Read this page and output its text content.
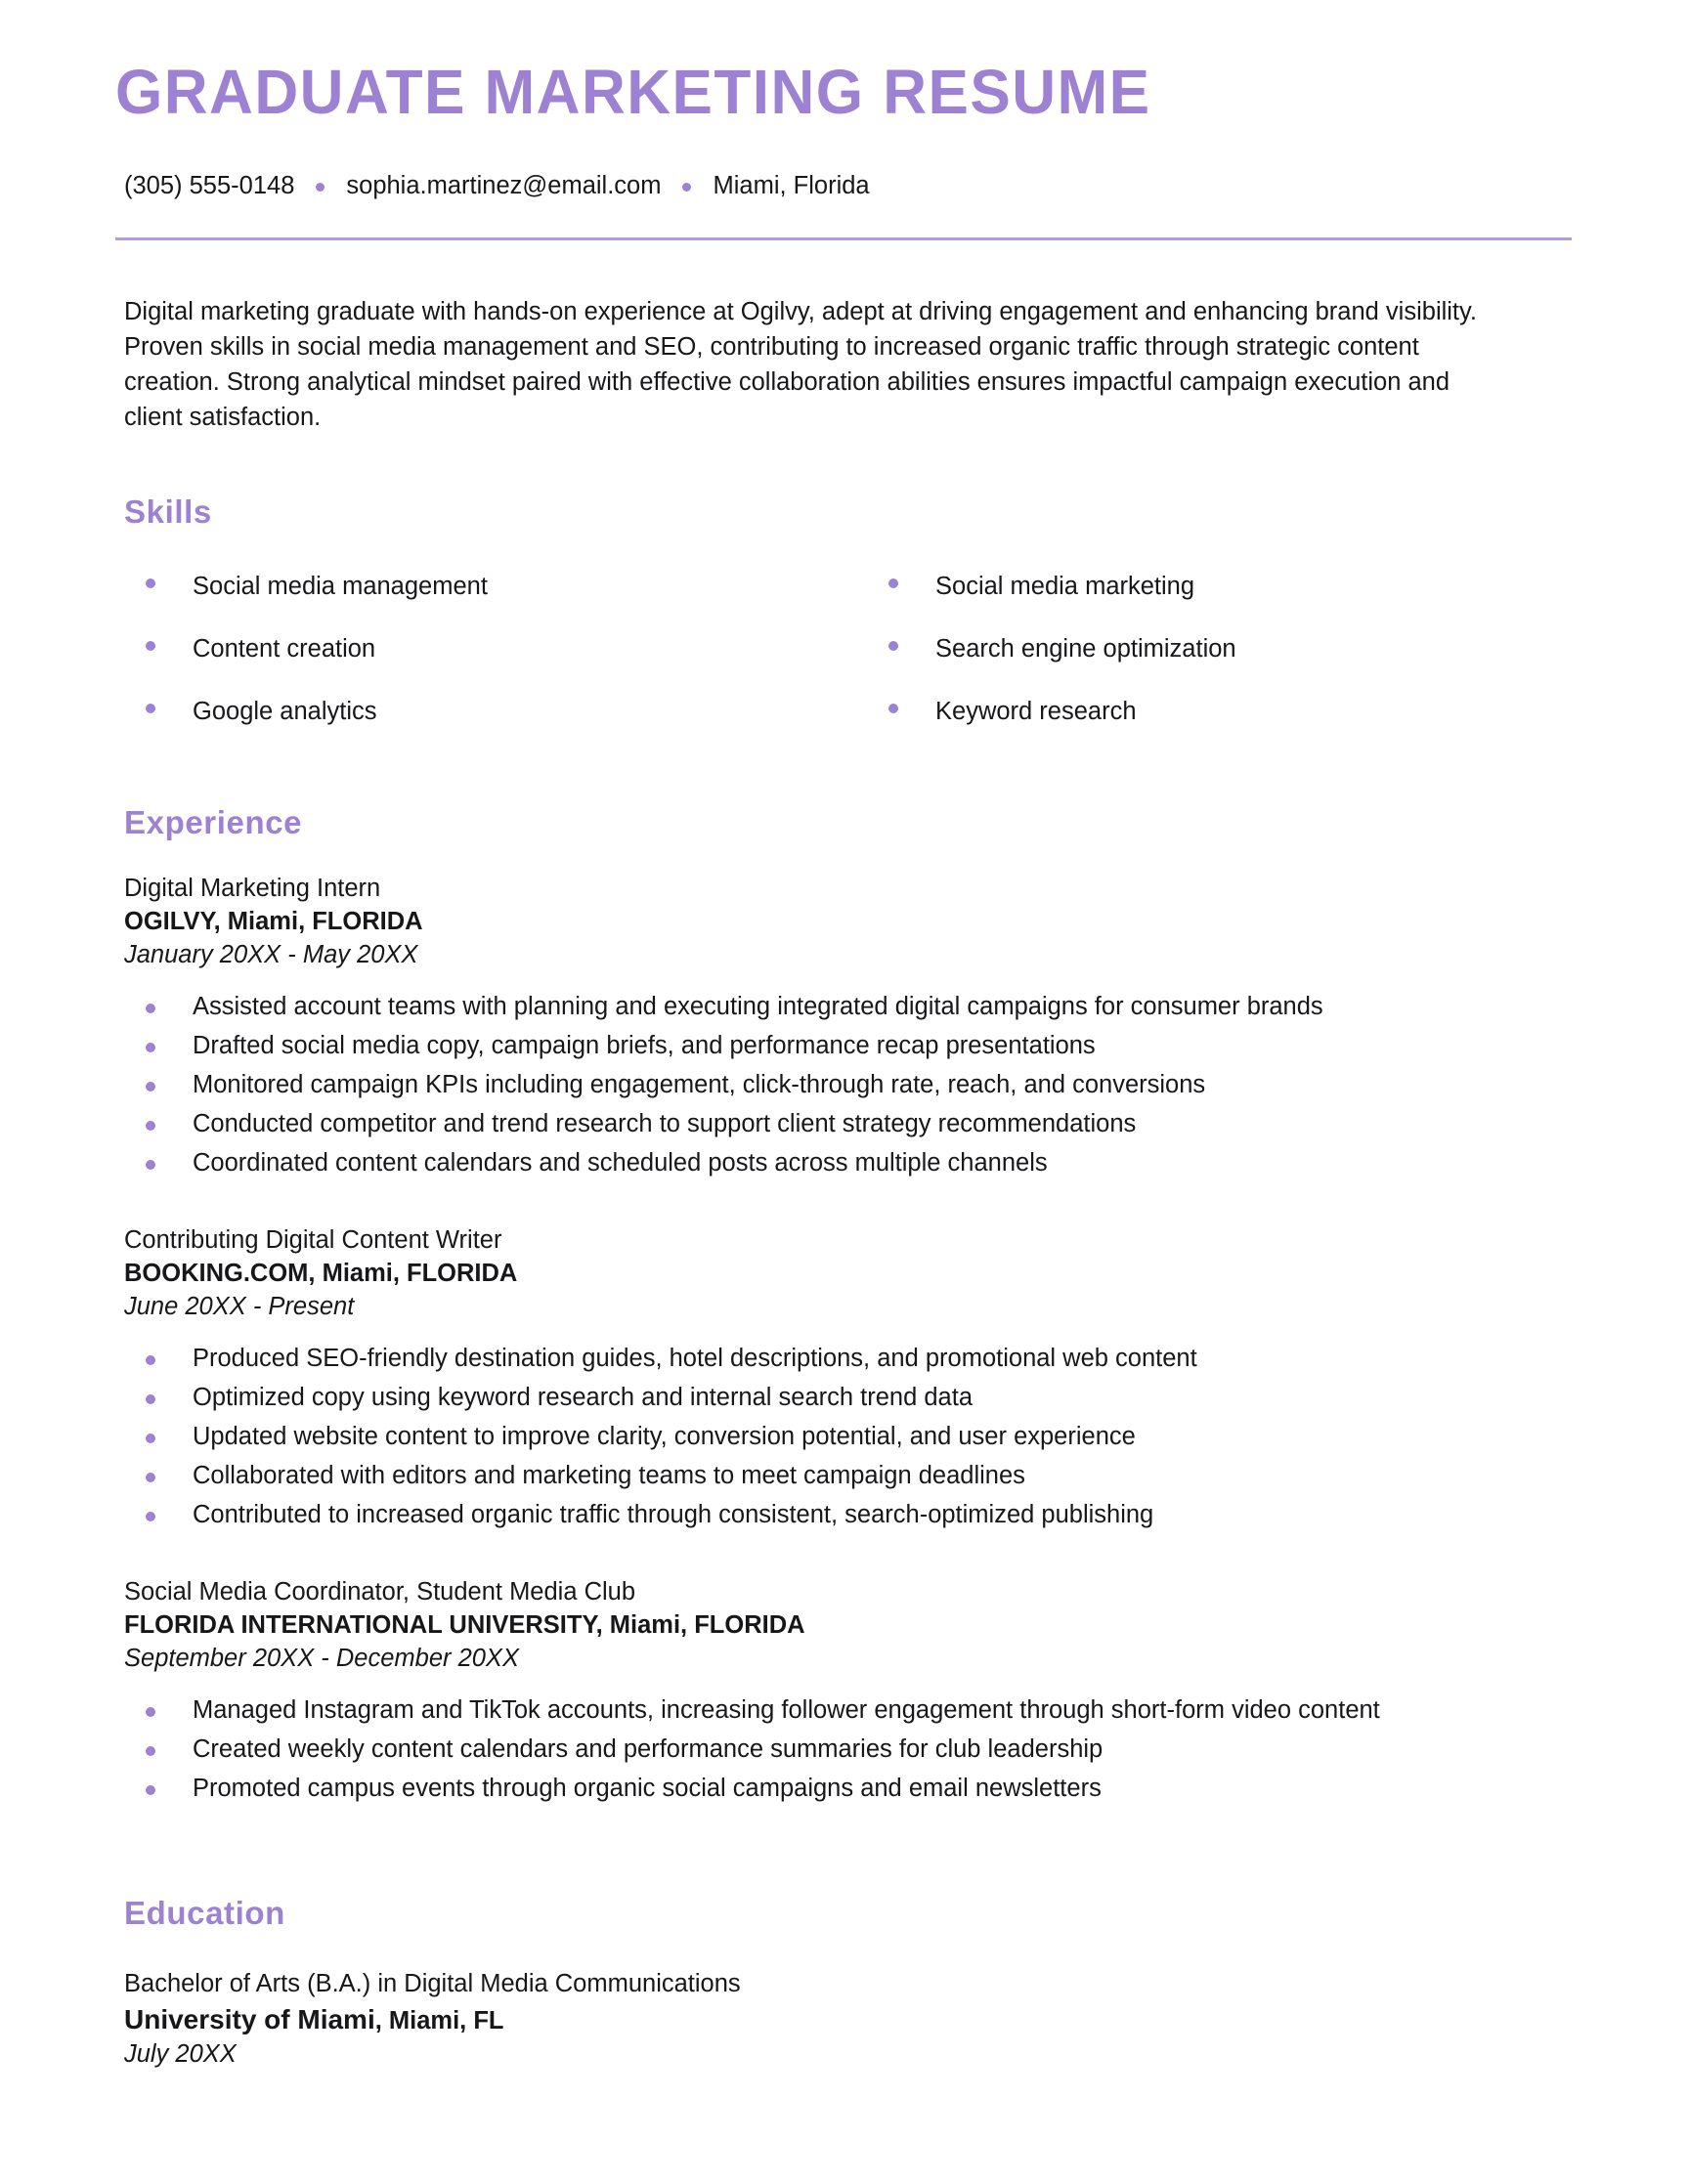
GRADUATE MARKETING RESUME
(305) 555-0148 sophia.martinez@email.com Miami, Florida

Digital marketing graduate with hands-on experience at Ogilvy, adept at driving engagement and enhancing brand visibility. Proven skills in social media management and SEO, contributing to increased organic traffic through strategic content creation. Strong analytical mindset paired with effective collaboration abilities ensures impactful campaign execution and client satisfaction.

Skills
Social media management	Social media marketing
Content creation	Search engine optimization
Google analytics	Keyword research
Experience
Digital Marketing Intern
OGILVY, Miami, FLORIDA
January 20XX - May 20XX
Assisted account teams with planning and executing integrated digital campaigns for consumer brands
Drafted social media copy, campaign briefs, and performance recap presentations
Monitored campaign KPIs including engagement, click-through rate, reach, and conversions
Conducted competitor and trend research to support client strategy recommendations
Coordinated content calendars and scheduled posts across multiple channels
Contributing Digital Content Writer
BOOKING.COM, Miami, FLORIDA
June 20XX - Present
Produced SEO-friendly destination guides, hotel descriptions, and promotional web content
Optimized copy using keyword research and internal search trend data
Updated website content to improve clarity, conversion potential, and user experience
Collaborated with editors and marketing teams to meet campaign deadlines
Contributed to increased organic traffic through consistent, search-optimized publishing
Social Media Coordinator, Student Media Club
FLORIDA INTERNATIONAL UNIVERSITY, Miami, FLORIDA
September 20XX - December 20XX
Managed Instagram and TikTok accounts, increasing follower engagement through short-form video content
Created weekly content calendars and performance summaries for club leadership
Promoted campus events through organic social campaigns and email newsletters
Education
Bachelor of Arts (B.A.) in Digital Media Communications
University of Miami, Miami, FL
July 20XX
